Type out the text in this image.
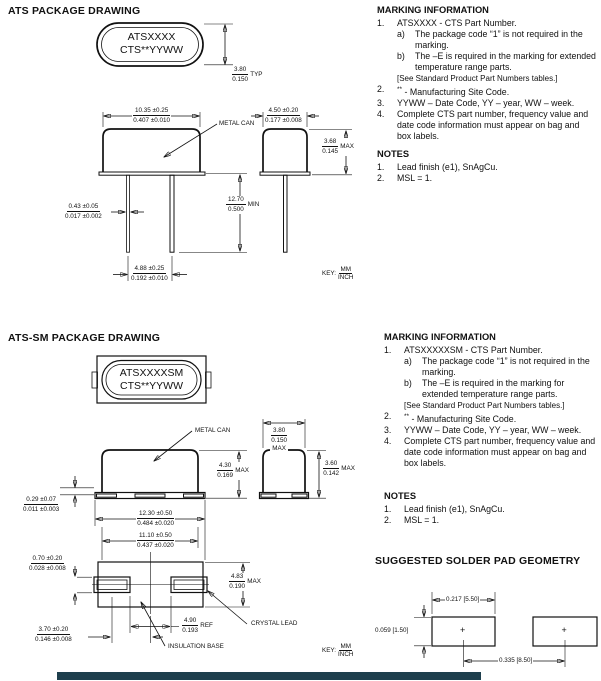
ATS PACKAGE DRAWING
ATSXXXX
CTS**YYWW
$\frac{3.80}{0.150}$ TYP
$\frac{10.35 \pm 0.25}{0.407 \pm 0.010}$	METAL CAN $\frac{4.50 \pm 0.20}{0.177 \pm 0.008}$
$\frac{3.68}{0.145}$ MAX
$\frac{0.43 \pm 0.05}{0.017 \pm 0.002}$	$\frac{12.70}{0.500}$ MIN
$\frac{4.88 \pm 0.25}{0.192 \pm 0.010}$	KEY: $\frac{MM}{\text{INCH}}$
MARKING INFORMATION
1.	ATSXXXX - CTS Part Number.
a)	The package code “1” is not required in the marking.
b)	The –E is required in the marking for extended temperature range parts.
[See Standard Product Part Numbers tables.]
2.	** - Manufacturing Site Code.
3.	YYWW – Date Code, YY – year, WW – week.
4.	Complete CTS part number, frequency value and date code information must appear on bag and box labels.
NOTES
1.	Lead finish (e1), SnAgCu.
2.	MSL = 1.
ATS-SM PACKAGE DRAWING
ATSXXXXSM
CTS**YYWW
METAL CAN	$\frac{3.80}{0.150}$
MAX
$\frac{4.30}{0.169}$ MAX	$\frac{3.60}{0.142}$ MAX
$\frac{0.29 \pm 0.07}{0.011 \pm 0.003}$
$\frac{12.30 \pm 0.50}{0.484 \pm 0.020}$
$\frac{11.10 \pm 0.50}{0.437 \pm 0.020}$
$\frac{4.83}{0.190}$ MAX
$\frac{4.90}{0.193}$ REF
$\frac{0.70 \pm 0.20}{0.028 \pm 0.008}$
$\frac{3.70 \pm 0.20}{0.146 \pm 0.008}$
CRYSTAL LEAD
INSULATION BASE
KEY: $\frac{MM}{\text{INCH}}$
MARKING INFORMATION
1.	ATSXXXXXSM - CTS Part Number.
a)	The package code “1” is not required in the marking.
b)	The –E is required in the marking for extended temperature range parts.
[See Standard Product Part Numbers tables.]
2.	** - Manufacturing Site Code.
3.	YYWW – Date Code, YY – year, WW – week.
4.	Complete CTS part number, frequency value and date code information must appear on bag and box labels.
NOTES
1.	Lead finish (e1), SnAgCu.
2.	MSL = 1.
SUGGESTED SOLDER PAD GEOMETRY
0.217 [5.50]
0.059 [1.50]
0.335 [8.50]
+	+
